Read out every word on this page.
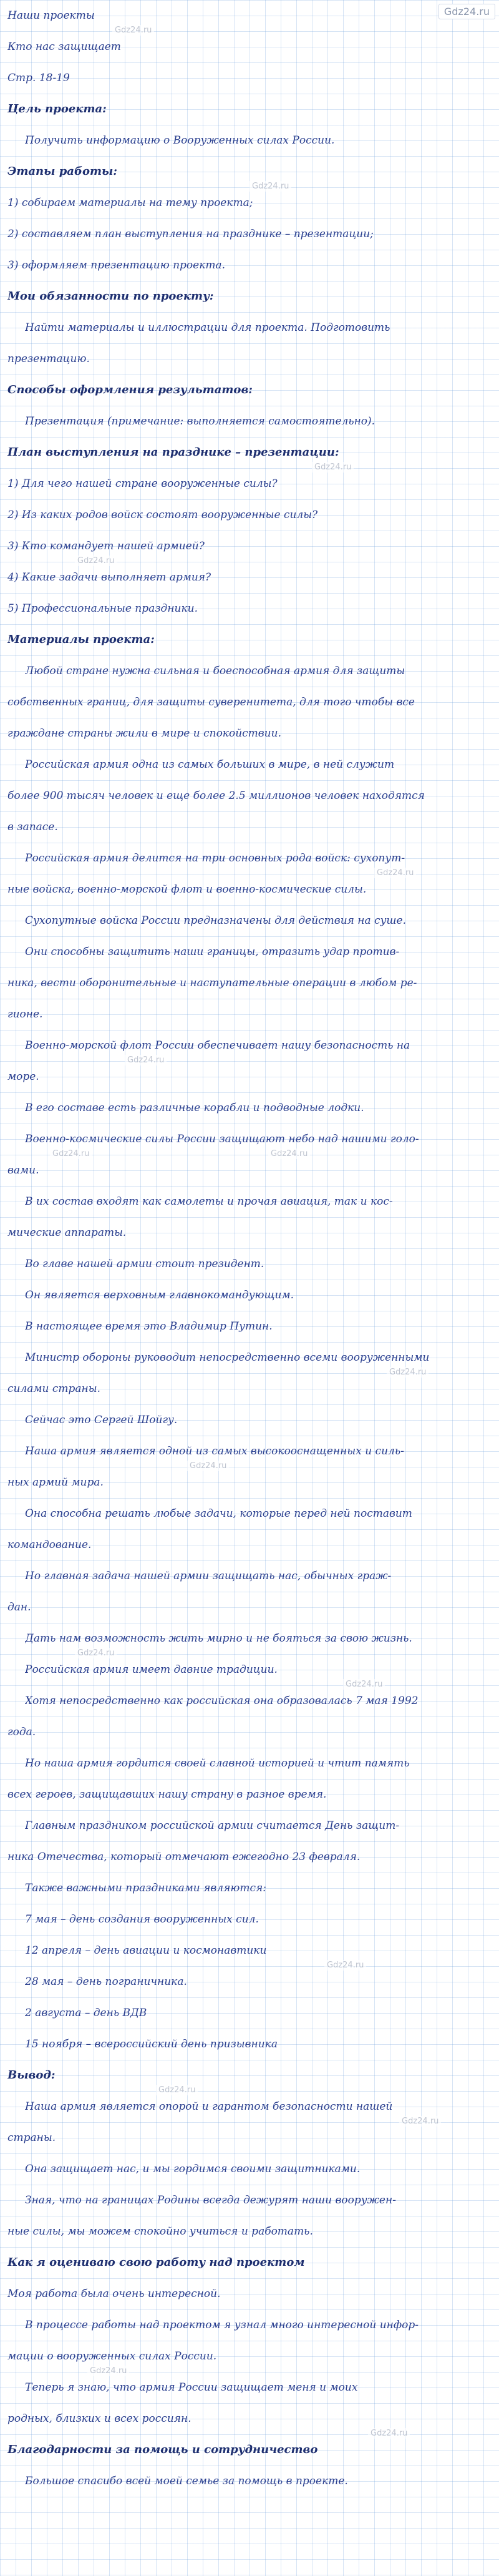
Gdz24.ru
Наши проекты
Кто нас защищает
Стр. 18-19
Цель проекта:
Получить информацию о Вооруженных силах России.
Этапы работы:
1) собираем материалы на тему проекта;
2) составляем план выступления на празднике – презентации;
3) оформляем презентацию проекта.
Мои обязанности по проекту:
Найти материалы и иллюстрации для проекта. Подготовить
презентацию.
Способы оформления результатов:
Презентация (примечание: выполняется самостоятельно).
План выступления на празднике – презентации:
1) Для чего нашей стране вооруженные силы?
2) Из каких родов войск состоят вооруженные силы?
3) Кто командует нашей армией?
4) Какие задачи выполняет армия?
5) Профессиональные праздники.
Материалы проекта:
Любой стране нужна сильная и боеспособная армия для защиты
собственных границ, для защиты суверенитета, для того чтобы все
граждане страны жили в мире и спокойствии.
Российская армия одна из самых больших в мире, в ней служит
более 900 тысяч человек и еще более 2.5 миллионов человек находятся
в запасе.
Российская армия делится на три основных рода войск: сухопут-
ные войска, военно-морской флот и военно-космические силы.
Сухопутные войска России предназначены для действия на суше.
Они способны защитить наши границы, отразить удар против-
ника, вести оборонительные и наступательные операции в любом ре-
гионе.
Военно-морской флот России обеспечивает нашу безопасность на
море.
В его составе есть различные корабли и подводные лодки.
Военно-космические силы России защищают небо над нашими голо-
вами.
В их состав входят как самолеты и прочая авиация, так и кос-
мические аппараты.
Во главе нашей армии стоит президент.
Он является верховным главнокомандующим.
В настоящее время это Владимир Путин.
Министр обороны руководит непосредственно всеми вооруженными
силами страны.
Сейчас это Сергей Шойгу.
Наша армия является одной из самых высокооснащенных и силь-
ных армий мира.
Она способна решать любые задачи, которые перед ней поставит
командование.
Но главная задача нашей армии защищать нас, обычных граж-
дан.
Дать нам возможность жить мирно и не бояться за свою жизнь.
Российская армия имеет давние традиции.
Хотя непосредственно как российская она образовалась 7 мая 1992
года.
Но наша армия гордится своей славной историей и чтит память
всех героев, защищавших нашу страну в разное время.
Главным праздником российской армии считается День защит-
ника Отечества, который отмечают ежегодно 23 февраля.
Также важными праздниками являются:
7 мая – день создания вооруженных сил.
12 апреля – день авиации и космонавтики
28 мая – день пограничника.
2 августа – день ВДВ
15 ноября – всероссийский день призывника
Вывод:
Наша армия является опорой и гарантом безопасности нашей
страны.
Она защищает нас, и мы гордимся своими защитниками.
Зная, что на границах Родины всегда дежурят наши вооружен-
ные силы, мы можем спокойно учиться и работать.
Как я оцениваю свою работу над проектом
Моя работа была очень интересной.
В процессе работы над проектом я узнал много интересной инфор-
мации о вооруженных силах России.
Теперь я знаю, что армия России защищает меня и моих
родных, близких и всех россиян.
Благодарности за помощь и сотрудничество
Большое спасибо всей моей семье за помощь в проекте.
Gdz24.ru
Gdz24.ru
Gdz24.ru
Gdz24.ru
Gdz24.ru
Gdz24.ru
Gdz24.ru	Gdz24.ru
Gdz24.ru
Gdz24.ru
Gdz24.ru
Gdz24.ru
Gdz24.ru
Gdz24.ru
Gdz24.ru
Gdz24.ru
Gdz24.ru
